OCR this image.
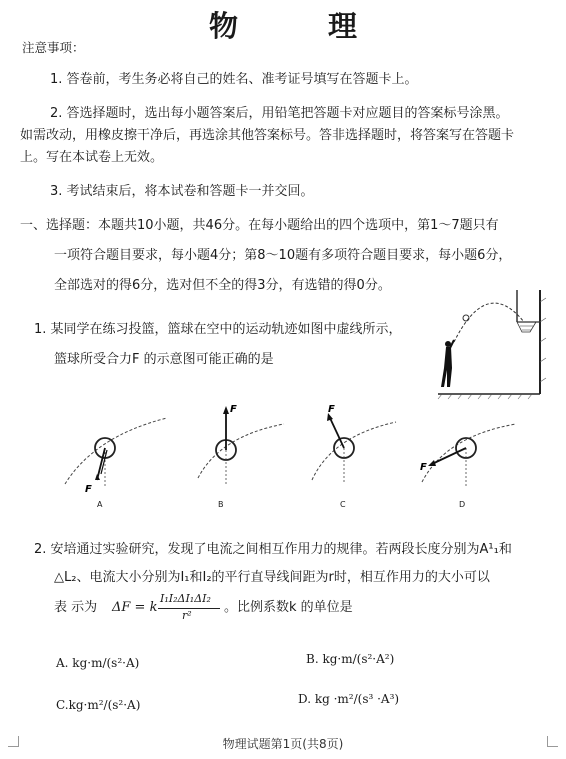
物 理
注意事项：
1. 答卷前，考生务必将自己的姓名、准考证号填写在答题卡上。
2. 答选择题时，选出每小题答案后，用铅笔把答题卡对应题目的答案标号涂黑。
如需改动，用橡皮擦干净后，再选涂其他答案标号。答非选择题时，将答案写在答题卡
上。写在本试卷上无效。
3. 考试结束后，将本试卷和答题卡一并交回。
一、选择题：本题共10小题，共46分。在每小题给出的四个选项中，第1～7题只有
一项符合题目要求，每小题4分；第8～10题有多项符合题目要求，每小题6分，
全部选对的得6分，选对但不全的得3分，有选错的得0分。
1. 某同学在练习投篮，篮球在空中的运动轨迹如图中虚线所示，
篮球所受合力F 的示意图可能正确的是
F
A
F
B
F
C
F
D
2. 安培通过实验研究，发现了电流之间相互作用力的规律。若两段长度分别为A¹₁和
△L₂、电流大小分别为I₁和I₂的平行直导线间距为r时，相互作用力的大小可以
表 示为 ΔF = k
I₁I₂ΔI₁ΔI₂
r²
。比例系数k 的单位是
A. kg·m/(s²·A)	B. kg·m/(s²·A²)
C.kg·m²/(s²·A)	D. kg ·m²/(s³ ·A³)
物理试题第1页(共8页)
